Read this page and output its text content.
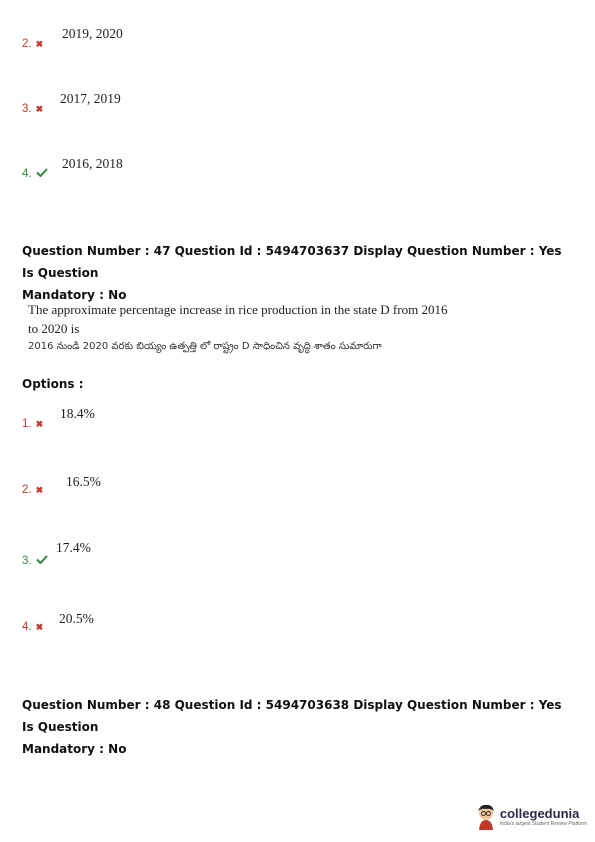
2. ✖
2019, 2020
3. ✖
2017, 2019
4.
2016, 2018
Question Number : 47 Question Id : 5494703637 Display Question Number : Yes Is Question
Mandatory : No
The approximate percentage increase in rice production in the state D from 2016
to 2020 is
2016 నుండి 2020 వరకు బియ్యం ఉత్పత్తి లో రాష్ట్రం D సాధించిన వృద్ధి శాతం సుమారుగా
Options :
1. ✖
18.4%
2. ✖
16.5%
3.
17.4%
4. ✖
20.5%
Question Number : 48 Question Id : 5494703638 Display Question Number : Yes Is Question
Mandatory : No
collegedunia
India's largest Student Review Platform
